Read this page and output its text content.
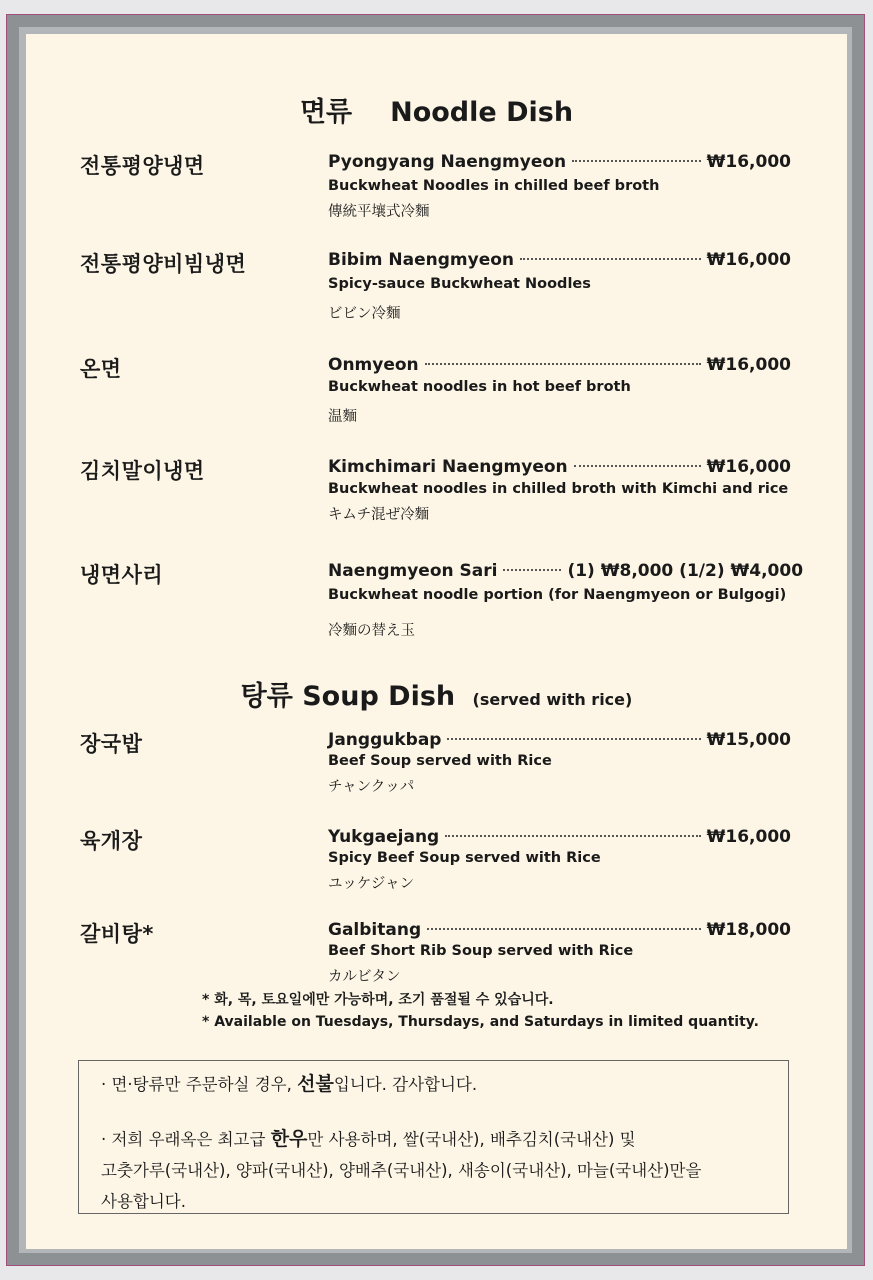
면류 Noodle Dish
전통평양냉면	Pyongyang Naengmyeon	₩16,000
Buckwheat Noodles in chilled beef broth
傳統平壤式冷麵
전통평양비빔냉면	Bibim Naengmyeon	₩16,000
Spicy-sauce Buckwheat Noodles
ビビン冷麵
온면	Onmyeon	₩16,000
Buckwheat noodles in hot beef broth
温麵
김치말이냉면	Kimchimari Naengmyeon	₩16,000
Buckwheat noodles in chilled broth with Kimchi and rice
キムチ混ぜ冷麵
냉면사리	Naengmyeon Sari	(1) ₩8,000 (1/2) ₩4,000
Buckwheat noodle portion (for Naengmyeon or Bulgogi)
冷麵の替え玉
탕류 Soup Dish (served with rice)
장국밥	Janggukbap	₩15,000
Beef Soup served with Rice
チャンクッパ
육개장	Yukgaejang	₩16,000
Spicy Beef Soup served with Rice
ユッケジャン
갈비탕*	Galbitang	₩18,000
Beef Short Rib Soup served with Rice
カルビタン
* 화, 목, 토요일에만 가능하며, 조기 품절될 수 있습니다.
* Available on Tuesdays, Thursdays, and Saturdays in limited quantity.

· 면·탕류만 주문하실 경우, 선불입니다. 감사합니다.

· 저희 우래옥은 최고급 한우만 사용하며, 쌀(국내산), 배추김치(국내산) 및

고춧가루(국내산), 양파(국내산), 양배추(국내산), 새송이(국내산), 마늘(국내산)만을

사용합니다.
